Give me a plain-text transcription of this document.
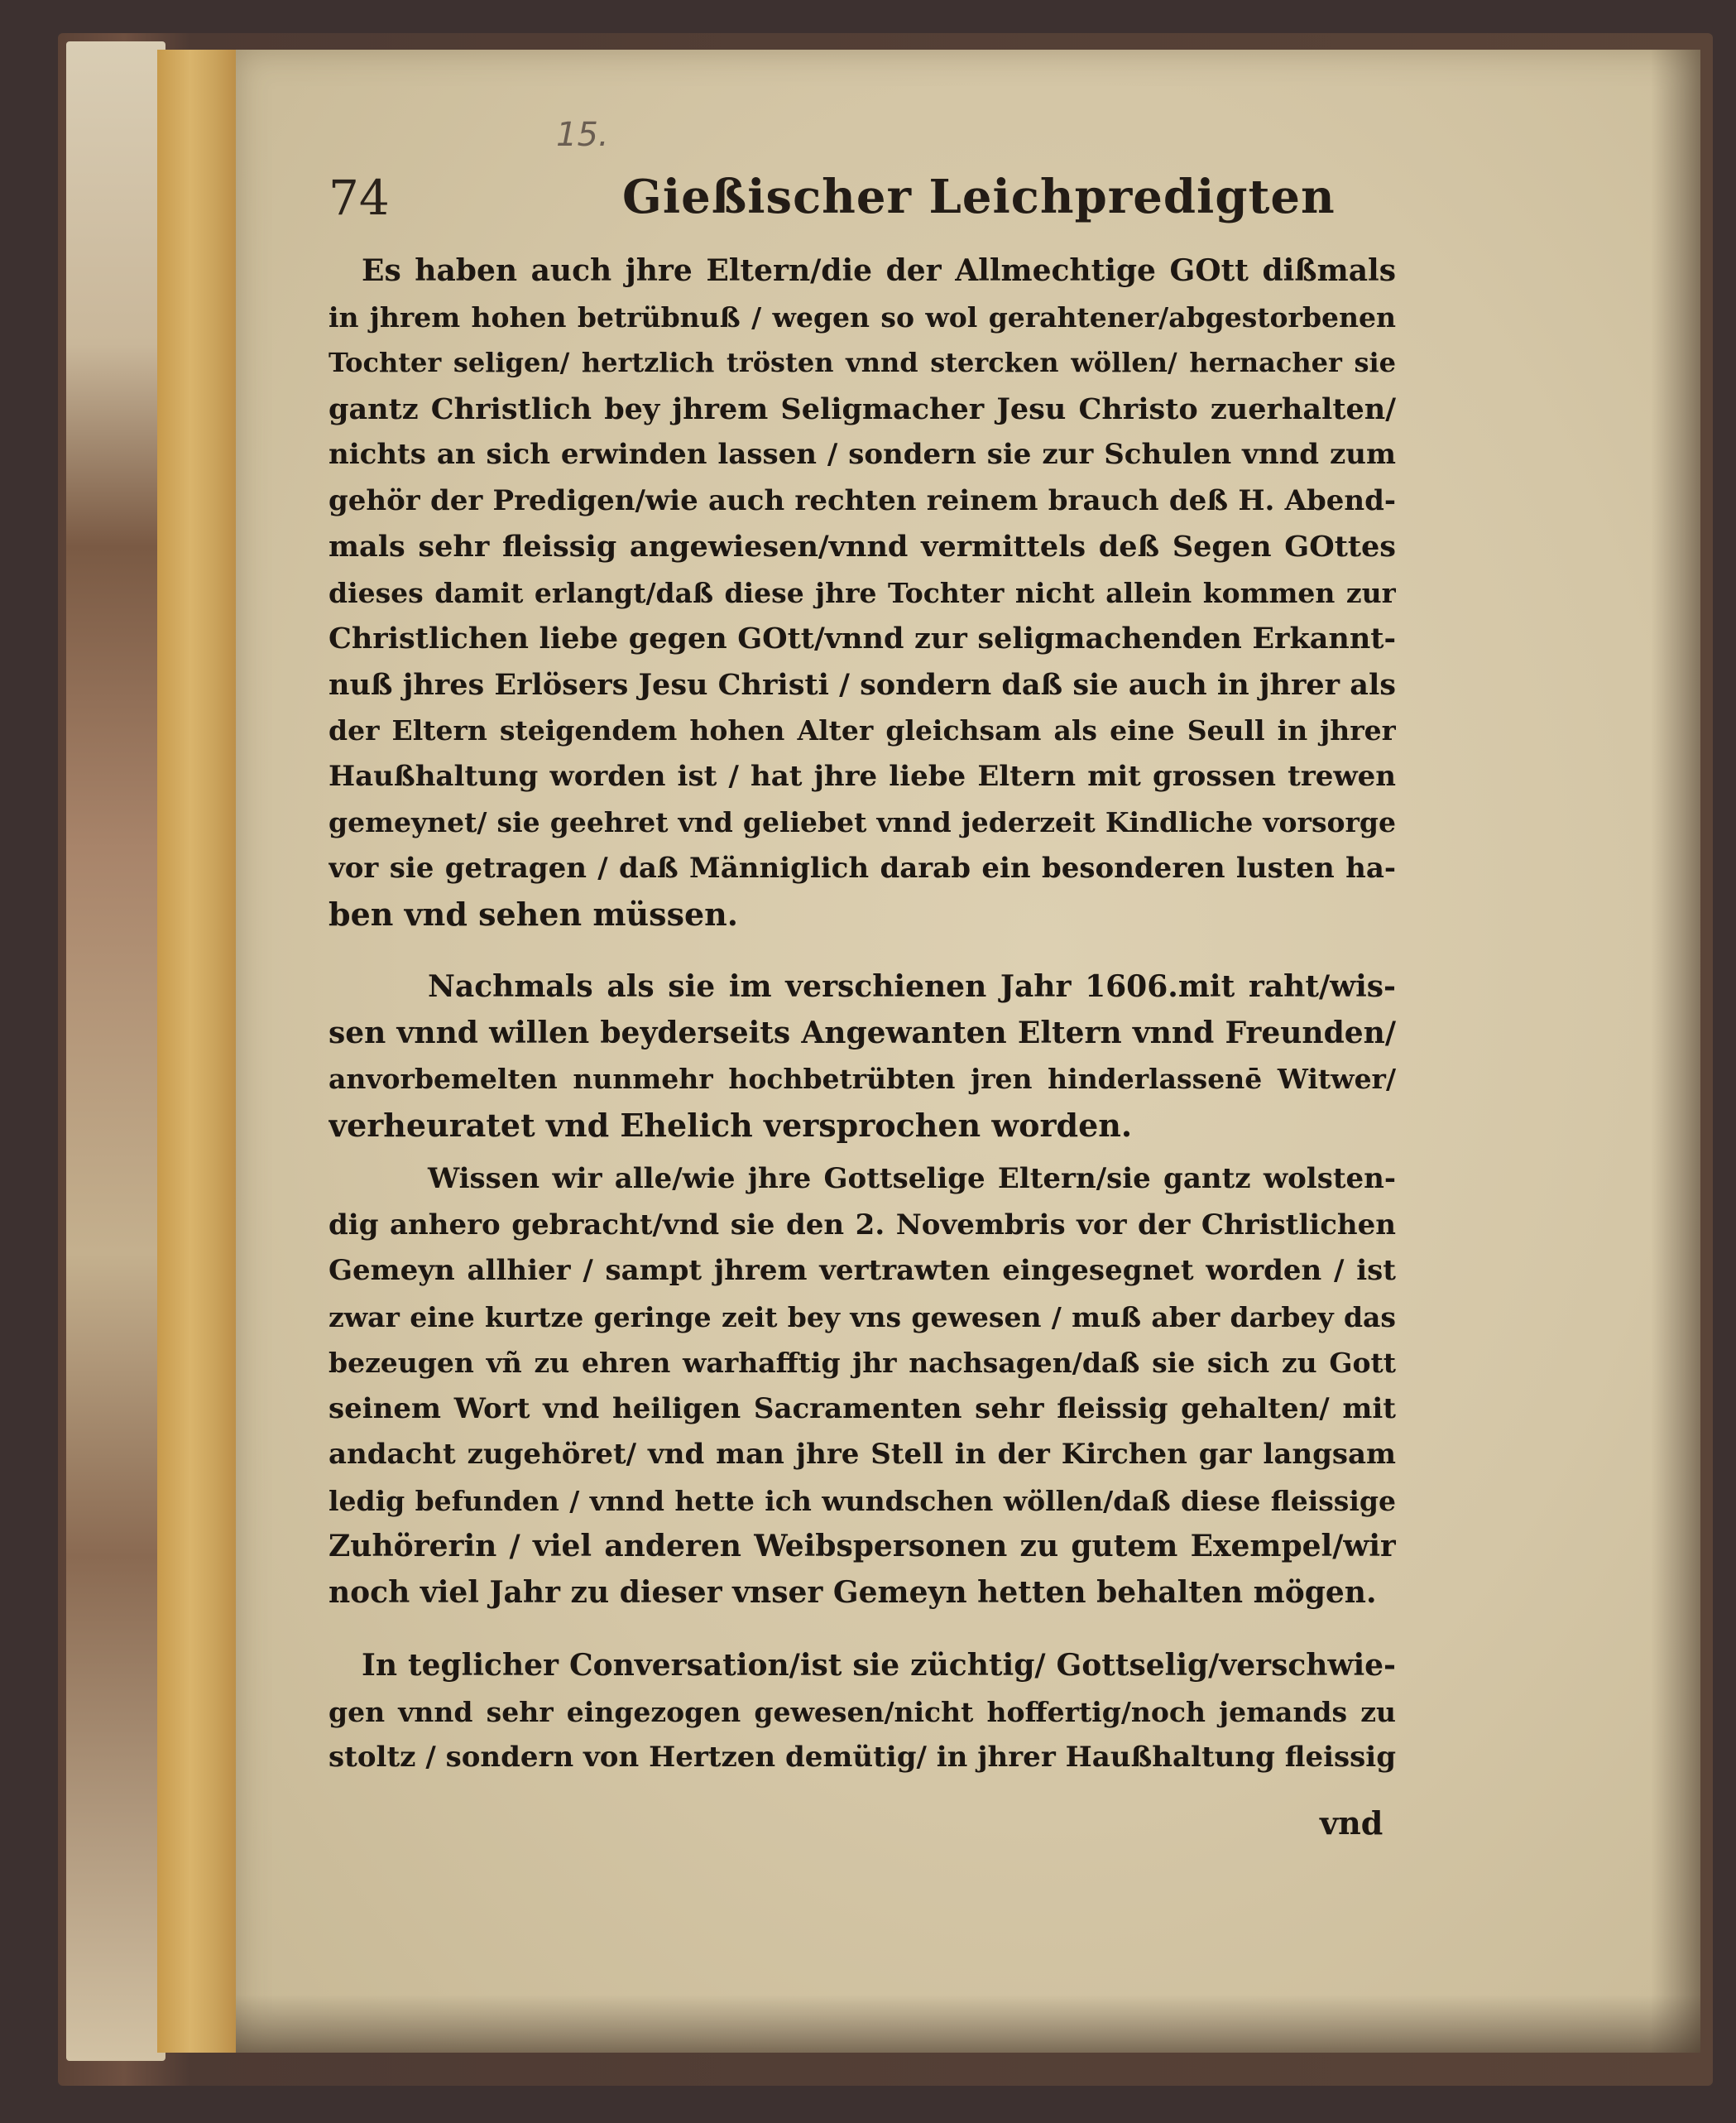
15.
74	Gießischer Leichpredigten
Es haben auch jhre Eltern/die der Allmechtige GOtt dißmals
in jhrem hohen betrübnuß / wegen so wol gerahtener/abgestorbenen
Tochter seligen/ hertzlich trösten vnnd stercken wöllen/ hernacher sie
gantz Christlich bey jhrem Seligmacher Jesu Christo zuerhalten/
nichts an sich erwinden lassen / sondern sie zur Schulen vnnd zum
gehör der Predigen/wie auch rechten reinem brauch deß H. Abend-
mals sehr fleissig angewiesen/vnnd vermittels deß Segen GOttes
dieses damit erlangt/daß diese jhre Tochter nicht allein kommen zur
Christlichen liebe gegen GOtt/vnnd zur seligmachenden Erkannt-
nuß jhres Erlösers Jesu Christi / sondern daß sie auch in jhrer als
der Eltern steigendem hohen Alter gleichsam als eine Seull in jhrer
Haußhaltung worden ist / hat jhre liebe Eltern mit grossen trewen
gemeynet/ sie geehret vnd geliebet vnnd jederzeit Kindliche vorsorge
vor sie getragen / daß Männiglich darab ein besonderen lusten ha-
ben vnd sehen müssen.
Nachmals als sie im verschienen Jahr 1606.mit raht/wis-
sen vnnd willen beyderseits Angewanten Eltern vnnd Freunden/
anvorbemelten nunmehr hochbetrübten jren hinderlassenē Witwer/
verheuratet vnd Ehelich versprochen worden.
Wissen wir alle/wie jhre Gottselige Eltern/sie gantz wolsten-
dig anhero gebracht/vnd sie den 2. Novembris vor der Christlichen
Gemeyn allhier / sampt jhrem vertrawten eingesegnet worden / ist
zwar eine kurtze geringe zeit bey vns gewesen / muß aber darbey das
bezeugen vñ zu ehren warhafftig jhr nachsagen/daß sie sich zu Gott
seinem Wort vnd heiligen Sacramenten sehr fleissig gehalten/ mit
andacht zugehöret/ vnd man jhre Stell in der Kirchen gar langsam
ledig befunden / vnnd hette ich wundschen wöllen/daß diese fleissige
Zuhörerin / viel anderen Weibspersonen zu gutem Exempel/wir
noch viel Jahr zu dieser vnser Gemeyn hetten behalten mögen.
In teglicher Conversation/ist sie züchtig/ Gottselig/verschwie-
gen vnnd sehr eingezogen gewesen/nicht hoffertig/noch jemands zu
stoltz / sondern von Hertzen demütig/ in jhrer Haußhaltung fleissig
vnd
